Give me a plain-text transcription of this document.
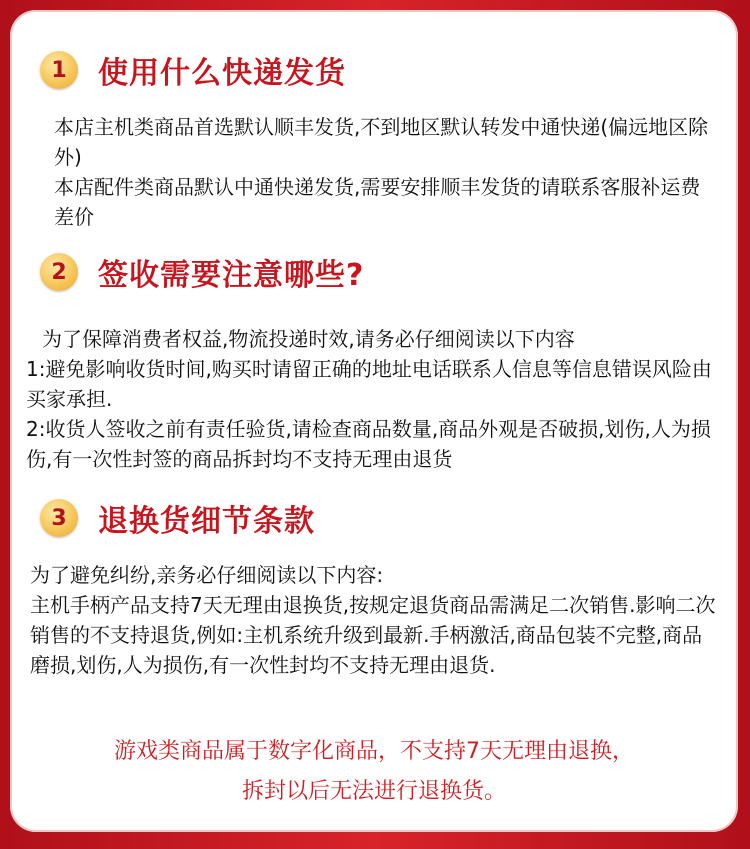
1	使用什么快递发货

本店主机类商品首选默认顺丰发货,不到地区默认转发中通快递(偏远地区除外)

本店配件类商品默认中通快递发货,需要安排顺丰发货的请联系客服补运费差价

2	签收需要注意哪些?

为了保障消费者权益,物流投递时效,请务必仔细阅读以下内容

1:避免影响收货时间,购买时请留正确的地址电话联系人信息等信息错误风险由买家承担.

2:收货人签收之前有责任验货,请检查商品数量,商品外观是否破损,划伤,人为损伤,有一次性封签的商品拆封均不支持无理由退货

3	退换货细节条款

为了避免纠纷,亲务必仔细阅读以下内容:

主机手柄产品支持7天无理由退换货,按规定退货商品需满足二次销售.影响二次销售的不支持退货,例如:主机系统升级到最新.手柄激活,商品包装不完整,商品磨损,划伤,人为损伤,有一次性封均不支持无理由退货.

游戏类商品属于数字化商品，不支持7天无理由退换，
拆封以后无法进行退换货。
